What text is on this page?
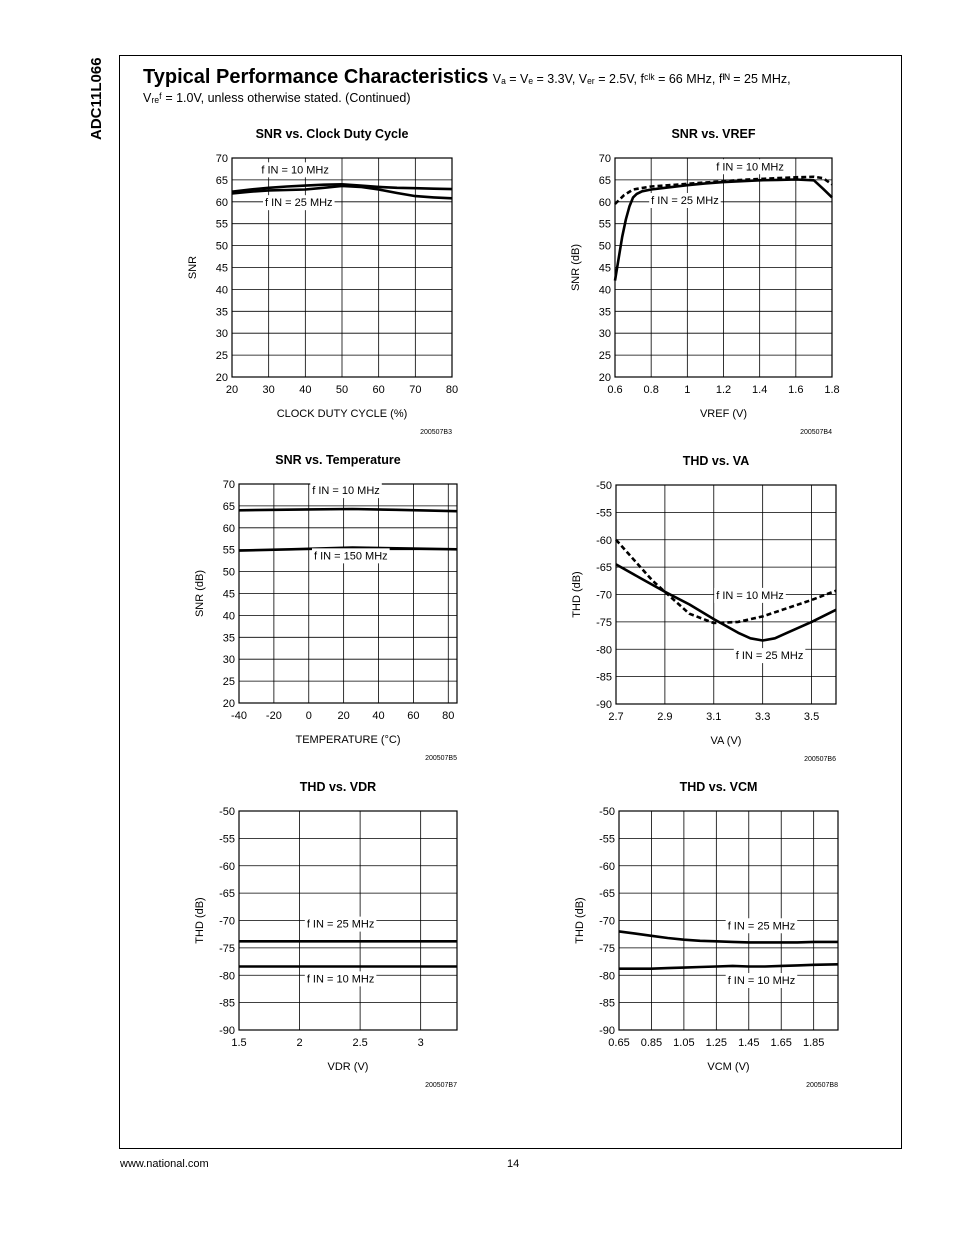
ADC11L066 Typical Performance Characteristics Vₐ = Vₑ = 3.3V, Vₑᵣ = 2.5V, fᶜˡᵏ = 66 MHz, fᴵᴺ = 25 MHz,
Vᵣₑᶠ = 1.0V, unless otherwise stated. (Continued)
SNR vs. Clock Duty Cycle
20
25
30
35
40
45
50
55
60
65
70
20 30 40 50 60 70 80
f IN = 10 MHz
f IN = 25 MHz
CLOCK DUTY CYCLE (%)
SNR
200507B3
SNR vs. VREF
20
25
30
35
40
45
50
55
60
65
70
0.6 0.8 1 1.2 1.4 1.6 1.8
f IN = 10 MHz
f IN = 25 MHz
VREF (V)
SNR (dB)
200507B4
SNR vs. Temperature
20
25
30
35
40
45
50
55
60
65
70
-40 -20 0 20 40 60 80
f IN = 10 MHz
f IN = 150 MHz
TEMPERATURE (°C)
SNR (dB)
200507B5
THD vs. VA
-50
-55
-60
-65
-70
-75
-80
-85
-90
2.7	2.9	3.1	3.3	3.5
f IN = 10 MHz
f IN = 25 MHz
VA (V)
THD (dB)
200507B6
THD vs. VDR
-50
-55
-60
-65
-70
-75
-80
-85
-90
1.5	2	2.5	3
f IN = 25 MHz
f IN = 10 MHz
VDR (V)
THD (dB)
200507B7
THD vs. VCM
-50
-55
-60
-65
-70
-75
-80
-85
-90
0.65 0.85 1.05 1.25 1.45 1.65 1.85
f IN = 25 MHz
f IN = 10 MHz
VCM (V)
THD (dB)
200507B8
www.national.com	14
